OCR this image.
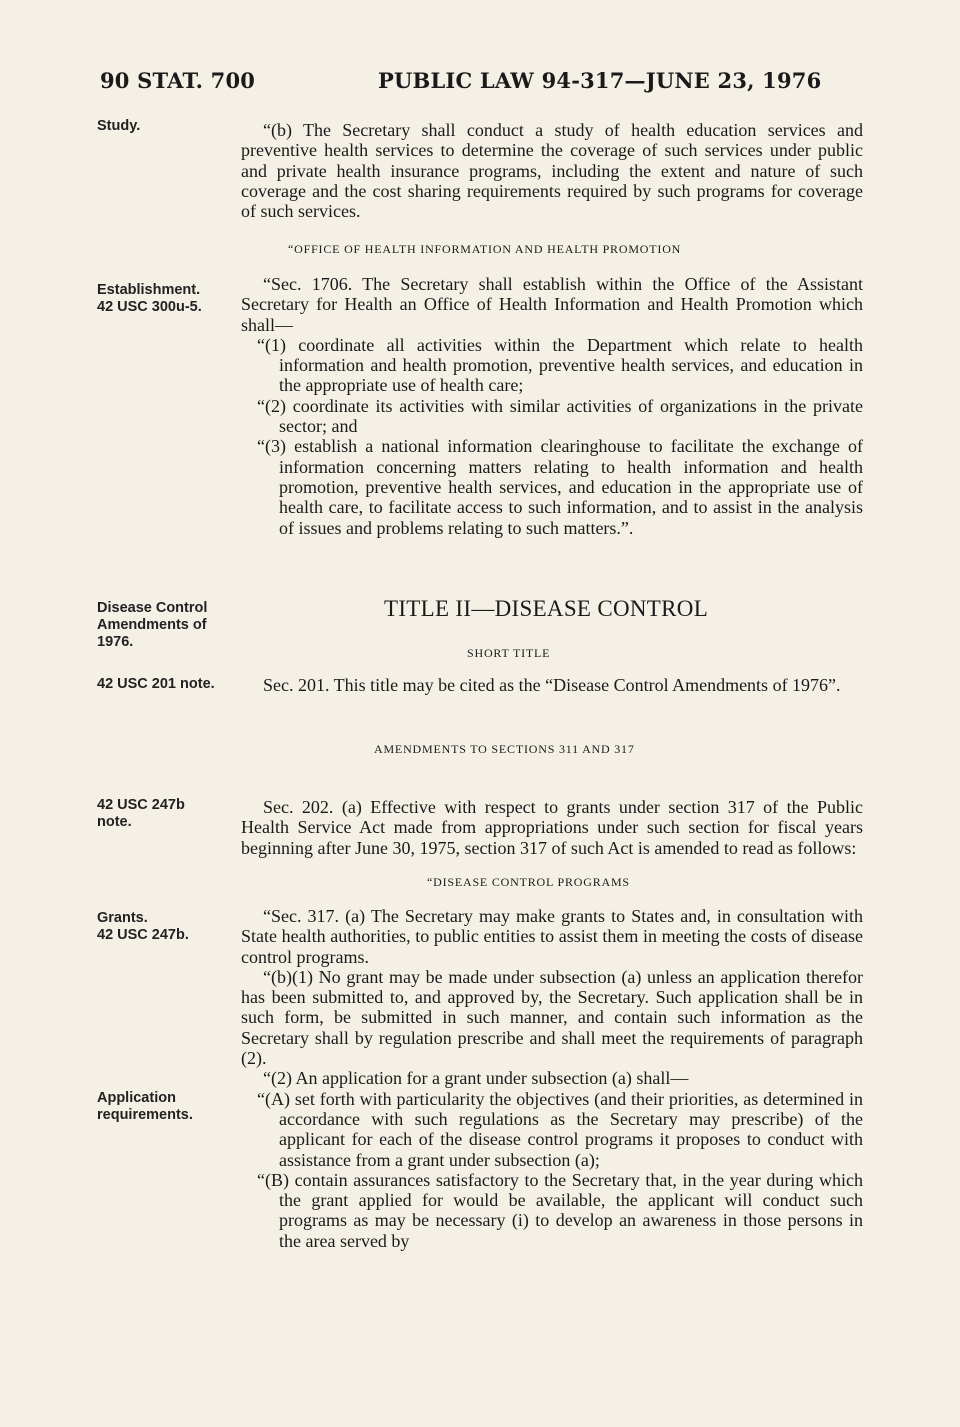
90 STAT. 700	PUBLIC LAW 94-317—JUNE 23, 1976
Study.
Establishment.
42 USC 300u-5.
Disease Control
Amendments of
1976.
42 USC 201 note.
42 USC 247b
note.
Grants.
42 USC 247b.
Application
requirements.

“(b) The Secretary shall conduct a study of health education services and preventive health services to determine the coverage of such services under public and private health insurance programs, including the extent and nature of such coverage and the cost sharing requirements required by such programs for coverage of such services.

“OFFICE OF HEALTH INFORMATION AND HEALTH PROMOTION

“Sec. 1706. The Secretary shall establish within the Office of the Assistant Secretary for Health an Office of Health Information and Health Promotion which shall—

“(1) coordinate all activities within the Department which relate to health information and health promotion, preventive health services, and education in the appropriate use of health care;

“(2) coordinate its activities with similar activities of organizations in the private sector; and

“(3) establish a national information clearinghouse to facilitate the exchange of information concerning matters relating to health information and health promotion, preventive health services, and education in the appropriate use of health care, to facilitate access to such information, and to assist in the analysis of issues and problems relating to such matters.”.

TITLE II—DISEASE CONTROL
SHORT TITLE

Sec. 201. This title may be cited as the “Disease Control Amendments of 1976”.

AMENDMENTS TO SECTIONS 311 AND 317

Sec. 202. (a) Effective with respect to grants under section 317 of the Public Health Service Act made from appropriations under such section for fiscal years beginning after June 30, 1975, section 317 of such Act is amended to read as follows:

“DISEASE CONTROL PROGRAMS

“Sec. 317. (a) The Secretary may make grants to States and, in consultation with State health authorities, to public entities to assist them in meeting the costs of disease control programs.

“(b)(1) No grant may be made under subsection (a) unless an application therefor has been submitted to, and approved by, the Secretary. Such application shall be in such form, be submitted in such manner, and contain such information as the Secretary shall by regulation prescribe and shall meet the requirements of paragraph (2).

“(2) An application for a grant under subsection (a) shall—

“(A) set forth with particularity the objectives (and their priorities, as determined in accordance with such regulations as the Secretary may prescribe) of the applicant for each of the disease control programs it proposes to conduct with assistance from a grant under subsection (a);

“(B) contain assurances satisfactory to the Secretary that, in the year during which the grant applied for would be available, the applicant will conduct such programs as may be necessary (i) to develop an awareness in those persons in the area served by
